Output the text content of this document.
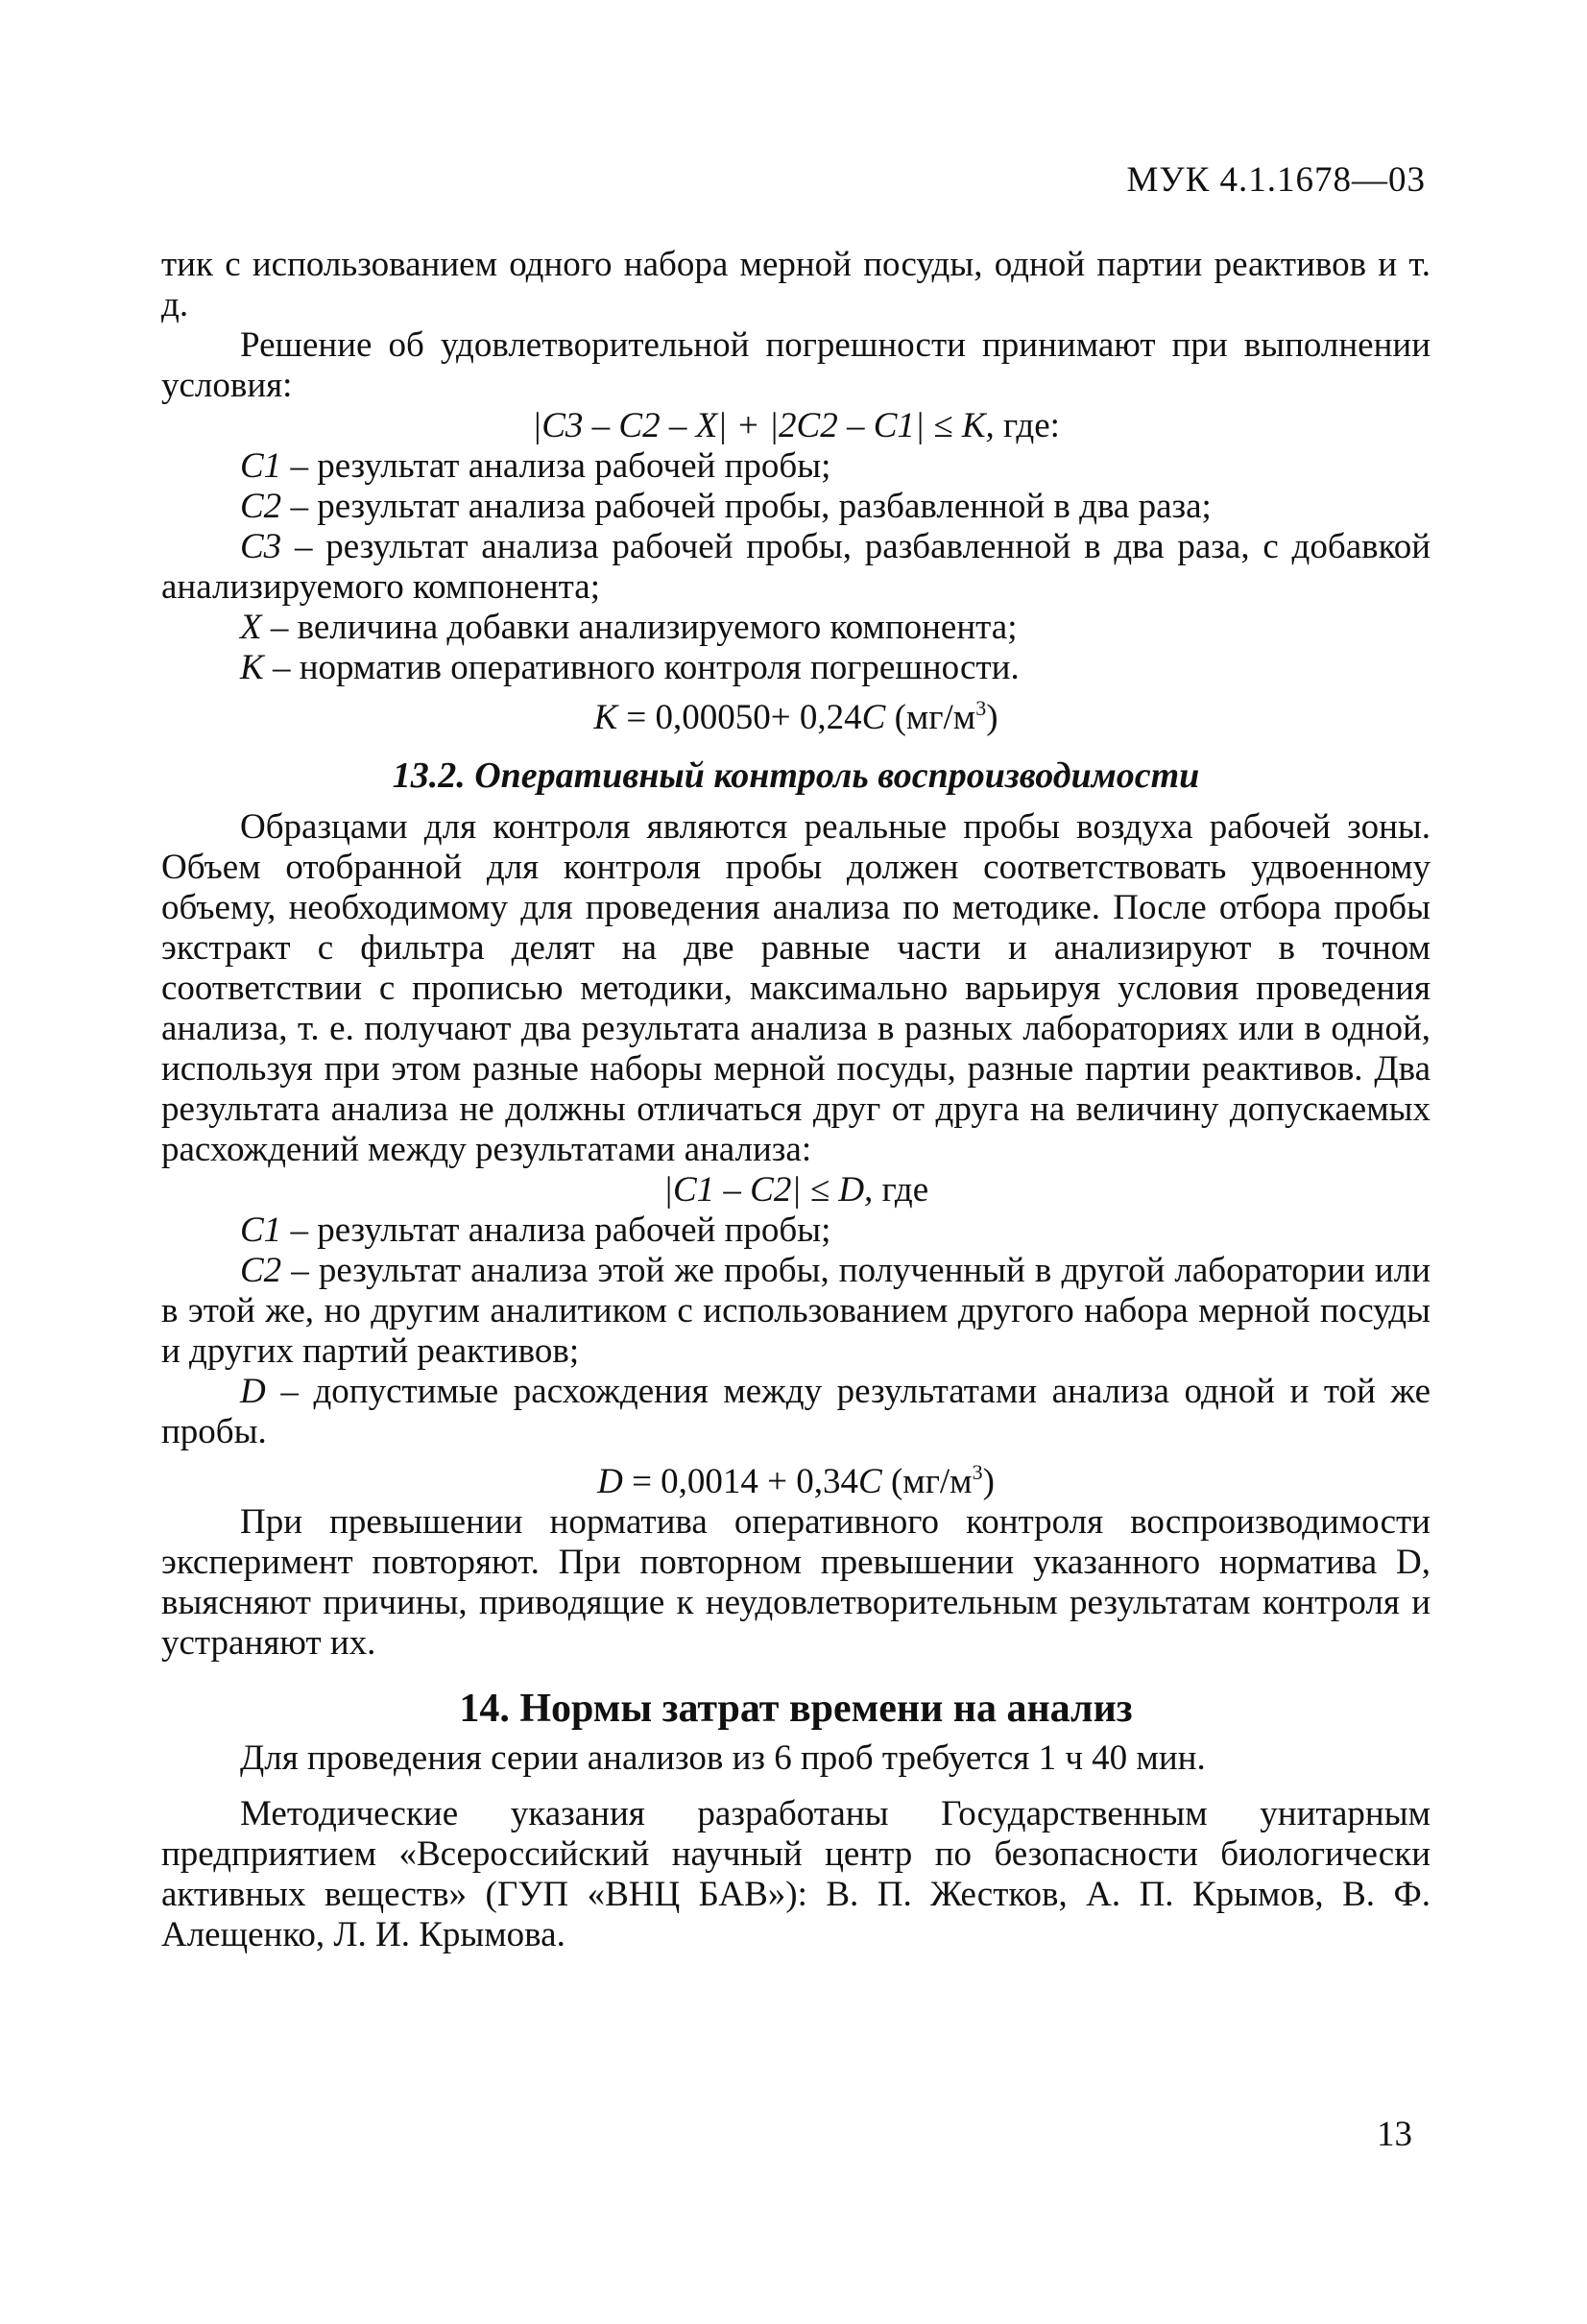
МУК 4.1.1678—03

тик с использованием одного набора мерной посуды, одной партии реактивов и т. д.

Решение об удовлетворительной погрешности принимают при выполнении условия:

|C3 – C2 – X| + |2C2 – C1| ≤ K, где:

C1 – результат анализа рабочей пробы;

C2 – результат анализа рабочей пробы, разбавленной в два раза;

C3 – результат анализа рабочей пробы, разбавленной в два раза, с добавкой анализируемого компонента;

X – величина добавки анализируемого компонента;

K – норматив оперативного контроля погрешности.

K = 0,00050+ 0,24C $(мг/м^3)$

13.2. Оперативный контроль воспроизводимости

Образцами для контроля являются реальные пробы воздуха рабочей зоны. Объем отобранной для контроля пробы должен соответствовать удвоенному объему, необходимому для проведения анализа по методике. После отбора пробы экстракт с фильтра делят на две равные части и анализируют в точном соответствии с прописью методики, максимально варьируя условия проведения анализа, т. е. получают два результата анализа в разных лабораториях или в одной, используя при этом разные наборы мерной посуды, разные партии реактивов. Два результата анализа не должны отличаться друг от друга на величину допускаемых расхождений между результатами анализа:

|C1 – C2| ≤ D, где

C1 – результат анализа рабочей пробы;

C2 – результат анализа этой же пробы, полученный в другой лаборатории или в этой же, но другим аналитиком с использованием другого набора мерной посуды и других партий реактивов;

D – допустимые расхождения между результатами анализа одной и той же пробы.

D = 0,0014 + 0,34C $(мг/м^3)$

При превышении норматива оперативного контроля воспроизводимости эксперимент повторяют. При повторном превышении указанного норматива D, выясняют причины, приводящие к неудовлетворительным результатам контроля и устраняют их.

14. Нормы затрат времени на анализ

Для проведения серии анализов из 6 проб требуется 1 ч 40 мин.

Методические указания разработаны Государственным унитарным предприятием «Всероссийский научный центр по безопасности биологически активных веществ» (ГУП «ВНЦ БАВ»): В. П. Жестков, А. П. Крымов, В. Ф. Алещенко, Л. И. Крымова.

13
